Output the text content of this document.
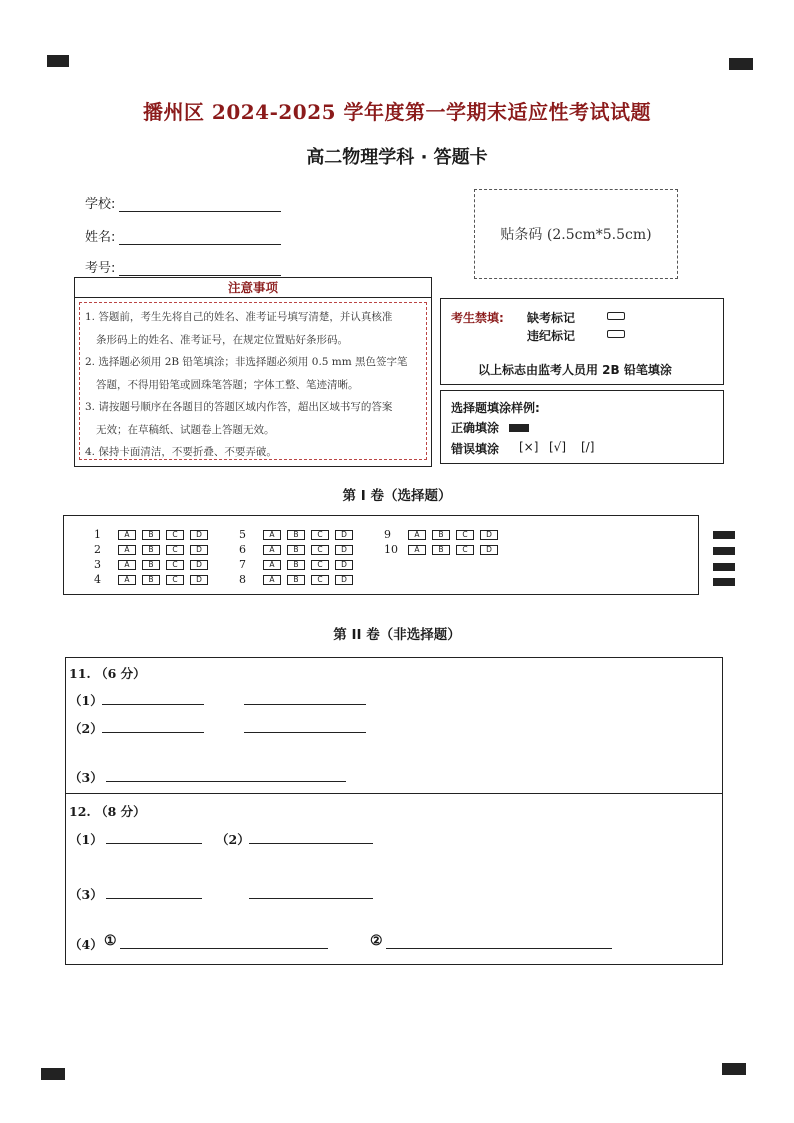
播州区 2024-2025 学年度第一学期末适应性考试试题
高二物理学科 · 答题卡
学校:
姓名:
考号:
贴条码 (2.5cm*5.5cm)
注意事项
1. 答题前，考生先将自己的姓名、准考证号填写清楚，并认真核准
条形码上的姓名、准考证号，在规定位置贴好条形码。
2. 选择题必须用 2B 铅笔填涂；非选择题必须用 0.5 mm 黑色签字笔
答题，不得用铅笔或圆珠笔答题；字体工整、笔迹清晰。
3. 请按题号顺序在各题目的答题区域内作答，超出区域书写的答案
无效；在草稿纸、试题卷上答题无效。
4. 保持卡面清洁，不要折叠、不要弄破。
考生禁填: 缺考标记
违纪标记
以上标志由监考人员用 2B 铅笔填涂
选择题填涂样例:
正确填涂
错误填涂 [×] [√] [/]
第 I 卷（选择题）
1	A	B	C	D
2	A	B	C	D
3	A	B	C	D
4	A	B	C	D
5	A	B	C	D
6	A	B	C	D
7	A	B	C	D
8	A	B	C	D
9	A	B	C	D
10	A	B	C	D
第 II 卷（非选择题）
11. （6 分）
（1）
（2）
（3）
12. （8 分）
（1）	（2）
（3）
（4） ①	②
